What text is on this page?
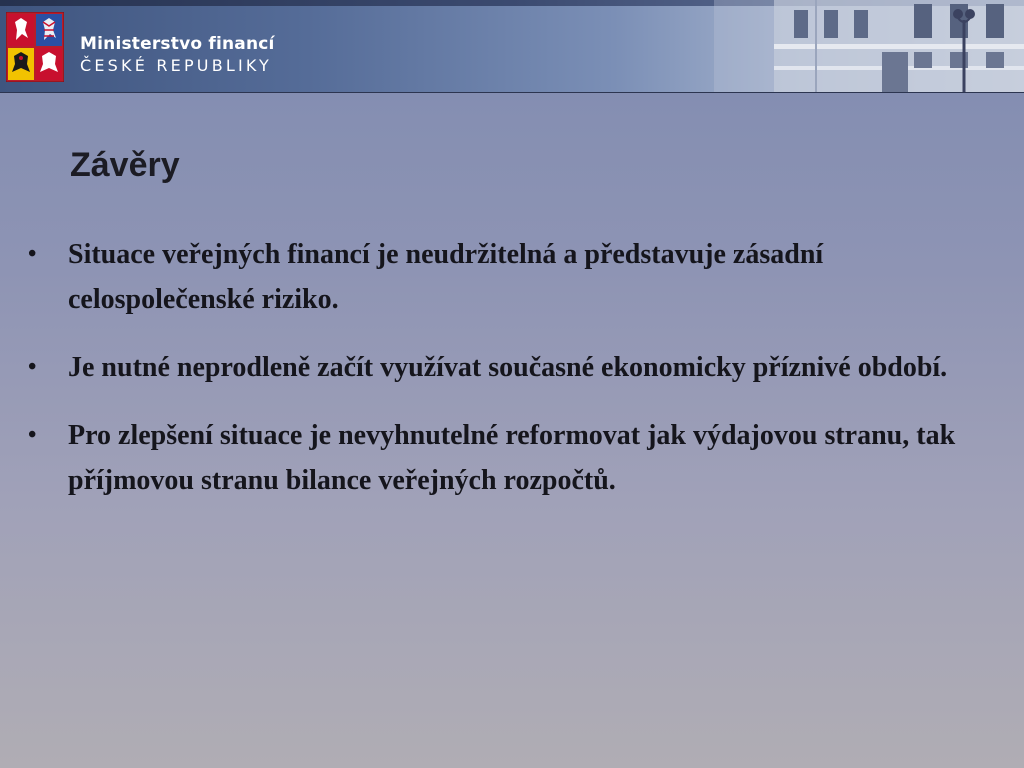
Ministerstvo financí
ČESKÉ REPUBLIKY
Závěry
• Situace veřejných financí je neudržitelná a představuje zásadní celospolečenské riziko.
• Je nutné neprodleně začít využívat současné ekonomicky příznivé období.
• Pro zlepšení situace je nevyhnutelné reformovat jak výdajovou stranu, tak příjmovou stranu bilance veřejných rozpočtů.
